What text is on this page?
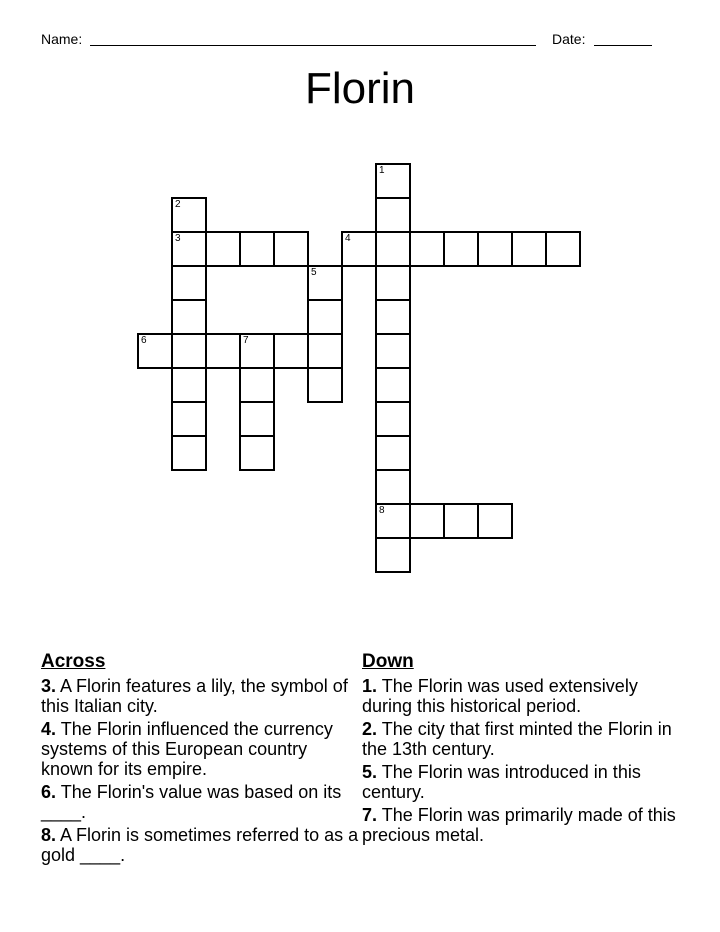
Name:	Date:
Florin
1
8
2
3	4
5
6	7
Across
3. A Florin features a lily, the symbol of this Italian city.
4. The Florin influenced the currency systems of this European country known for its empire.
6. The Florin's value was based on its ____.
8. A Florin is sometimes referred to as a gold ____.
Down
1. The Florin was used extensively during this historical period.
2. The city that first minted the Florin in the 13th century.
5. The Florin was introduced in this century.
7. The Florin was primarily made of this precious metal.
